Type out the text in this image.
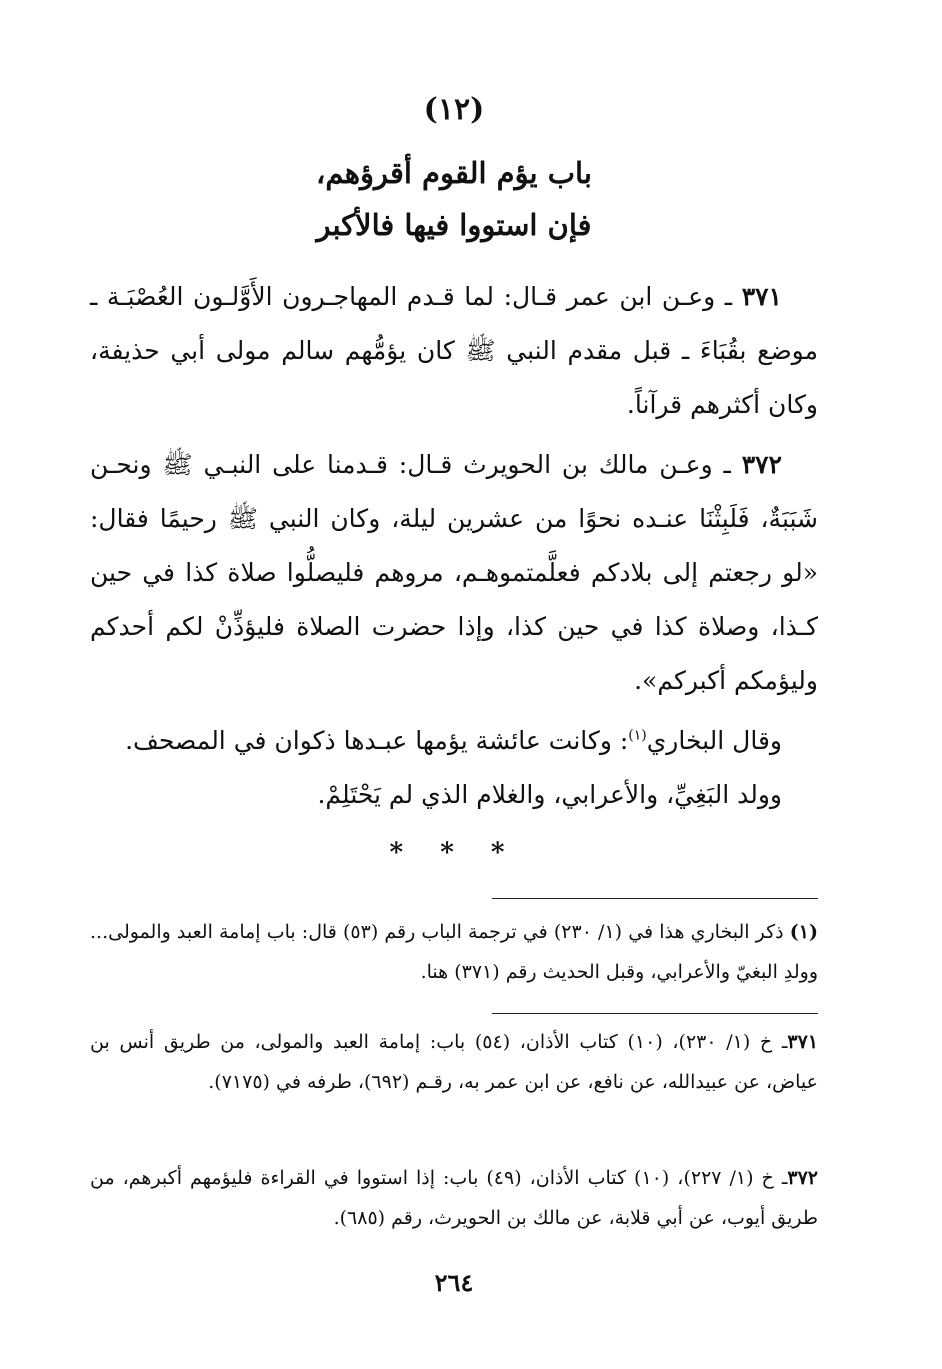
(١٢)
باب يؤم القوم أقرؤهم،
فإن استووا فيها فالأكبر

٣٧١ ـ وعـن ابن عمر قـال: لما قـدم المهاجـرون الأَوَّلـون العُصْبَـة ـ موضع بقُبَاءَ ـ قبل مقدم النبي ﷺ كان يؤمُّهم سالم مولى أبي حذيفة، وكان أكثرهم قرآناً.

٣٧٢ ـ وعـن مالك بن الحويرث قـال: قـدمنا على النبـي ﷺ ونحـن شَبَبَةٌ، فَلَبِثْنَا عنـده نحوًا من عشرين ليلة، وكان النبي ﷺ رحيمًا فقال: «لو رجعتم إلى بلادكم فعلَّمتموهـم، مروهم فليصلُّوا صلاة كذا في حين كـذا، وصلاة كذا في حين كذا، وإذا حضرت الصلاة فليؤذِّنْ لكم أحدكم وليؤمكم أكبركم».

وقال البخاري$^{(١)}$: وكانت عائشة يؤمها عبـدها ذكوان في المصحف.

وولد البَغِيِّ، والأعرابي، والغلام الذي لم يَحْتَلِمْ.

* * *

(١) ذكر البخاري هذا في (١/ ٢٣٠) في ترجمة الباب رقم (٥٣) قال: باب إمامة العبد والمولى... وولدِ البغيّ والأعرابي، وقبل الحديث رقم (٣٧١) هنا.

٣٧١ـ خ (١/ ٢٣٠)، (١٠) كتاب الأذان، (٥٤) باب: إمامة العبد والمولى، من طريق أنس بن عياض، عن عبيدالله، عن نافع، عن ابن عمر به، رقـم (٦٩٢)، طرفه في (٧١٧٥).

٣٧٢ـ خ (١/ ٢٢٧)، (١٠) كتاب الأذان، (٤٩) باب: إذا استووا في القراءة فليؤمهم أكبرهم، من طريق أيوب، عن أبي قلابة، عن مالك بن الحويرث، رقم (٦٨٥).

٢٦٤
